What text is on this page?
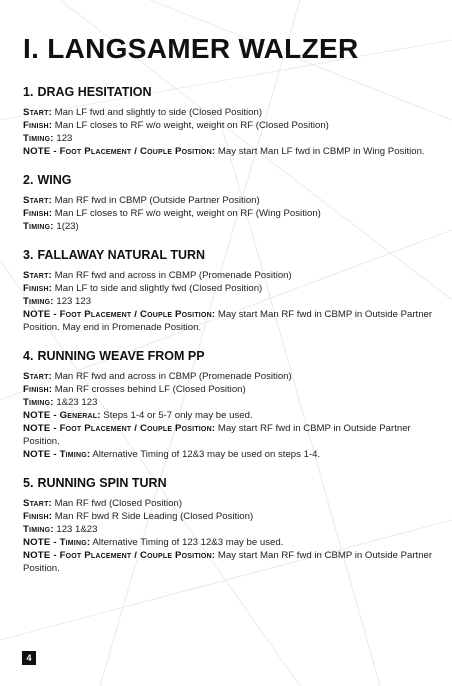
I. LANGSAMER WALZER
1. DRAG HESITATION

Start: Man LF fwd and slightly to side (Closed Position)

Finish: Man LF closes to RF w/o weight, weight on RF (Closed Position)

Timing: 123

NOTE - Foot Placement / Couple Position: May start Man LF fwd in CBMP in Wing Position.

2. WING

Start: Man RF fwd in CBMP (Outside Partner Position)

Finish: Man LF closes to RF w/o weight, weight on RF (Wing Position)

Timing: 1(23)

3. FALLAWAY NATURAL TURN

Start: Man RF fwd and across in CBMP (Promenade Position)

Finish: Man LF to side and slightly fwd (Closed Position)

Timing: 123 123

NOTE - Foot Placement / Couple Position: May start Man RF fwd in CBMP in Outside Partner Position. May end in Promenade Position.

4. RUNNING WEAVE FROM PP

Start: Man RF fwd and across in CBMP (Promenade Position)

Finish: Man RF crosses behind LF (Closed Position)

Timing: 1&23 123

NOTE - General: Steps 1-4 or 5-7 only may be used.

NOTE - Foot Placement / Couple Position: May start RF fwd in CBMP in Outside Partner Position.

NOTE - Timing: Alternative Timing of 12&3 may be used on steps 1-4.

5. RUNNING SPIN TURN

Start: Man RF fwd (Closed Position)

Finish: Man RF bwd R Side Leading (Closed Position)

Timing: 123 1&23

NOTE - Timing: Alternative Timing of 123 12&3 may be used.

NOTE - Foot Placement / Couple Position: May start Man RF fwd in CBMP in Outside Partner Position.

4
